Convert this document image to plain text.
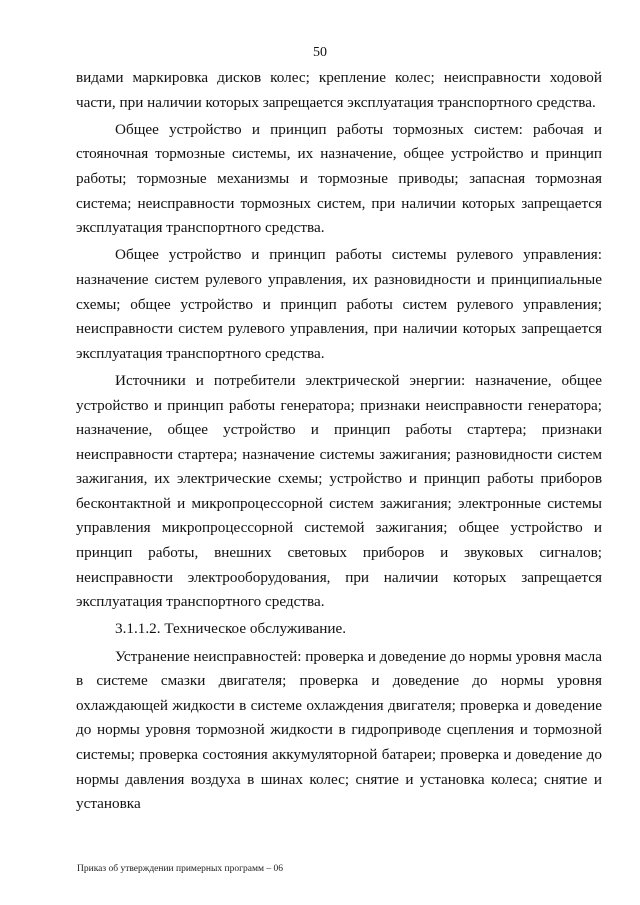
50

видами маркировка дисков колес; крепление колес; неисправности ходовой части, при наличии которых запрещается эксплуатация транспортного средства.

Общее устройство и принцип работы тормозных систем: рабочая и стояночная тормозные системы, их назначение, общее устройство и принцип работы; тормозные механизмы и тормозные приводы; запасная тормозная система; неисправности тормозных систем, при наличии которых запрещается эксплуатация транспортного средства.

Общее устройство и принцип работы системы рулевого управления: назначение систем рулевого управления, их разновидности и принципиальные схемы; общее устройство и принцип работы систем рулевого управления; неисправности систем рулевого управления, при наличии которых запрещается эксплуатация транспортного средства.

Источники и потребители электрической энергии: назначение, общее устройство и принцип работы генератора; признаки неисправности генератора; назначение, общее устройство и принцип работы стартера; признаки неисправности стартера; назначение системы зажигания; разновидности систем зажигания, их электрические схемы; устройство и принцип работы приборов бесконтактной и микропроцессорной систем зажигания; электронные системы управления микропроцессорной системой зажигания; общее устройство и принцип работы, внешних световых приборов и звуковых сигналов; неисправности электрооборудования, при наличии которых запрещается эксплуатация транспортного средства.

3.1.1.2. Техническое обслуживание.

Устранение неисправностей: проверка и доведение до нормы уровня масла в системе смазки двигателя; проверка и доведение до нормы уровня охлаждающей жидкости в системе охлаждения двигателя; проверка и доведение до нормы уровня тормозной жидкости в гидроприводе сцепления и тормозной системы; проверка состояния аккумуляторной батареи; проверка и доведение до нормы давления воздуха в шинах колес; снятие и установка колеса; снятие и установка

Приказ об утверждении примерных программ – 06
